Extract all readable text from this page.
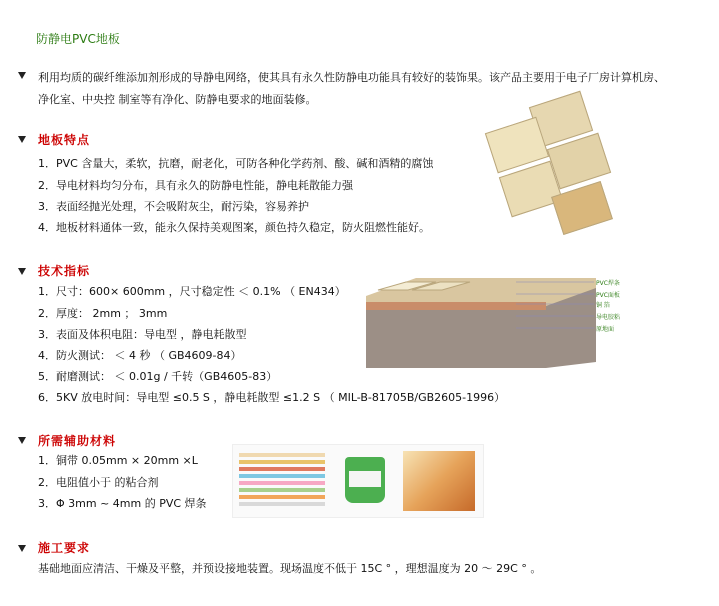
防静电PVC地板
利用均质的碳纤维添加剂形成的导静电网络，使其具有永久性防静电功能具有较好的装饰果。该产品主要用于电子厂房计算机房、
净化室、中央控 制室等有净化、防静电要求的地面装修。
地板特点
1．PVC 含量大，柔软，抗磨，耐老化，可防各种化学药剂、酸、碱和酒精的腐蚀
2．导电材料均匀分布，具有永久的防静电性能，静电耗散能力强
3．表面经抛光处理，不会吸附灰尘，耐污染，容易养护
4．地板材料通体一致，能永久保持美观图案，颜色持久稳定，防火阻燃性能好。
技术指标
1．尺寸：600× 600mm ，尺寸稳定性 ＜ 0.1% （ EN434）
2．厚度： 2mm ； 3mm
3．表面及体积电阻：导电型 ，静电耗散型
4．防火测试： ＜ 4 秒 （ GB4609-84）
5．耐磨测试： ＜ 0.01g / 千转（GB4605-83）
6．5KV 放电时间：导电型 ≤0.5 S ，静电耗散型 ≤1.2 S （ MIL-B-81705B/GB2605-1996）
PVC焊条
PVC面板
铜 箔
导电胶粘
原地面
所需辅助材料
1．铜带 0.05mm × 20mm ×L
2．电阻值小于 的粘合剂
3．Φ 3mm ~ 4mm 的 PVC 焊条
施工要求
基础地面应清洁、干燥及平整，并预设接地装置。现场温度不低于 15C ° ，理想温度为 20 ～ 29C ° 。
